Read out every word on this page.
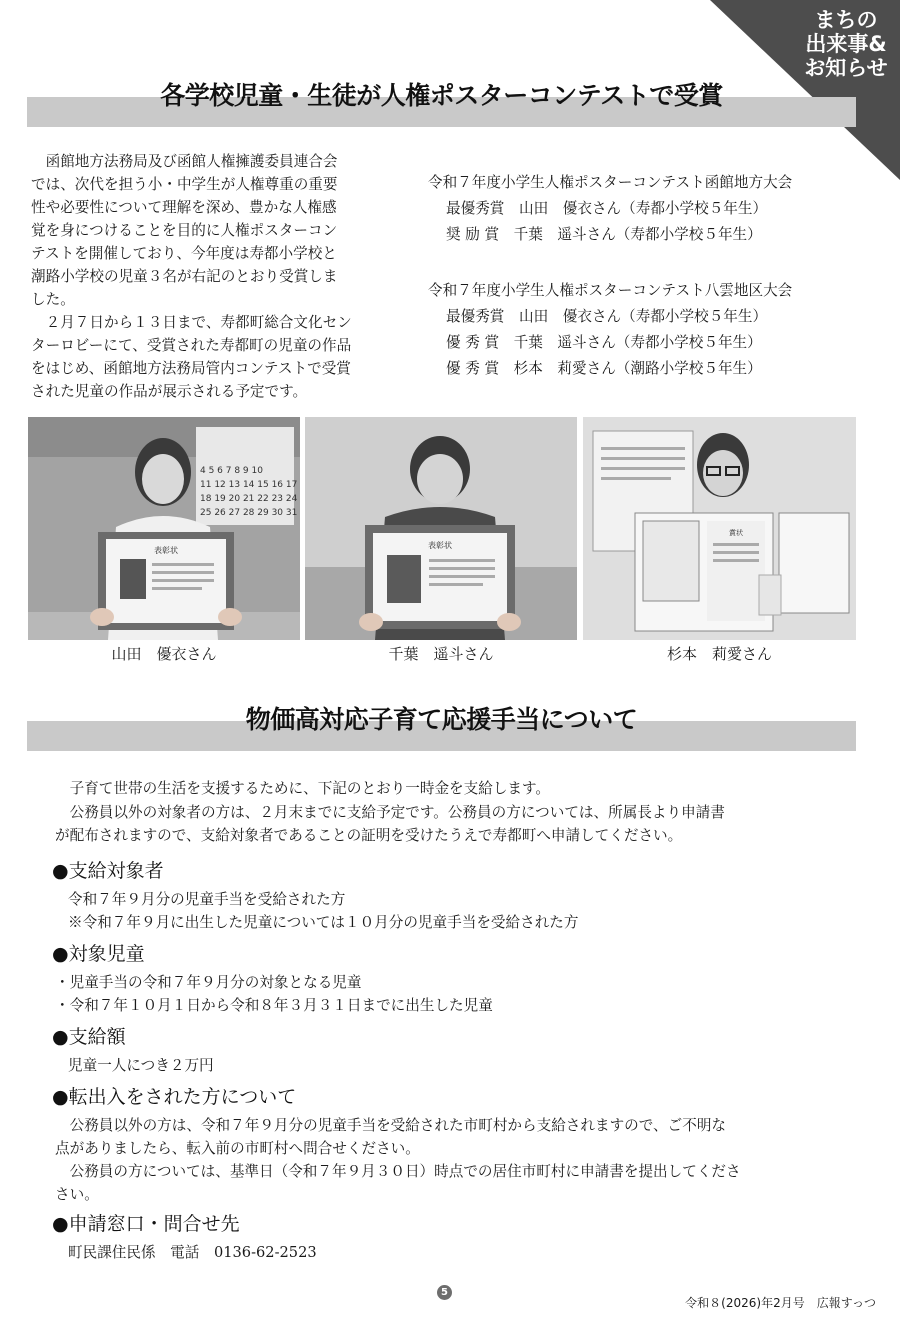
まちの
出来事&
お知らせ
各学校児童・生徒が人権ポスターコンテストで受賞

　函館地方法務局及び函館人権擁護委員連合会
では、次代を担う小・中学生が人権尊重の重要
性や必要性について理解を深め、豊かな人権感
覚を身につけることを目的に人権ポスターコン
テストを開催しており、今年度は寿都小学校と
潮路小学校の児童３名が右記のとおり受賞しま
した。

　２月７日から１３日まで、寿都町総合文化セン
ターロビーにて、受賞された寿都町の児童の作品
をはじめ、函館地方法務局管内コンテストで受賞
された児童の作品が展示される予定です。

令和７年度小学生人権ポスターコンテスト函館地方大会
最優秀賞　山田　優衣さん（寿都小学校５年生）
奨 励 賞　千葉　遥斗さん（寿都小学校５年生）
令和７年度小学生人権ポスターコンテスト八雲地区大会
最優秀賞　山田　優衣さん（寿都小学校５年生）
優 秀 賞　千葉　遥斗さん（寿都小学校５年生）
優 秀 賞　杉本　莉愛さん（潮路小学校５年生）
4 5 6 7 8 9 10
11 12 13 14 15 16 17
18 19 20 21 22 23 24
25 26 27 28 29 30 31
表彰状
山田　優衣さん
表彰状
千葉　遥斗さん
賞状
杉本　莉愛さん
物価高対応子育て応援手当について
　子育て世帯の生活を支援するために、下記のとおり一時金を支給します。
　公務員以外の対象者の方は、２月末までに支給予定です。公務員の方については、所属長より申請書
が配布されますので、支給対象者であることの証明を受けたうえで寿都町へ申請してください。
●支給対象者
令和７年９月分の児童手当を受給された方
※令和７年９月に出生した児童については１０月分の児童手当を受給された方
●対象児童
・児童手当の令和７年９月分の対象となる児童
・令和７年１０月１日から令和８年３月３１日までに出生した児童
●支給額
児童一人につき２万円
●転出入をされた方について
　公務員以外の方は、令和７年９月分の児童手当を受給された市町村から支給されますので、ご不明な
点がありましたら、転入前の市町村へ問合せください。
　公務員の方については、基準日（令和７年９月３０日）時点での居住市町村に申請書を提出してくださ
さい。
●申請窓口・問合せ先
町民課住民係　電話　0136-62-2523
5
令和８(2026)年2月号　広報すっつ
